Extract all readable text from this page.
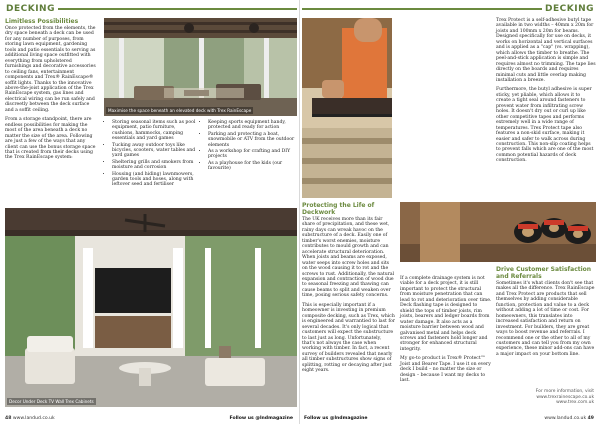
DECKING

Limitless Possibilities

Once protected from the elements, the dry space beneath a deck can be used for any number of purposes, from storing lawn equipment, gardening tools and patio essentials to serving as additional living space outfitted with everything from upholstered furnishings and decorative accessories to ceiling fans, entertainment components and Trex® RainEscape® soffit lights. Thanks to the innovative above-the-joist application of the Trex RainEscape system, gas lines and electrical wiring can be run safely and discreetly between the deck surface and a soffit ceiling.

From a storage standpoint, there are endless possibilities for making the most of the area beneath a deck no matter the size of the area. Following are just a few of the ways that any client can use the bonus storage space that is created from their decks using the Trex RainEscape system:

Maximise the space beneath an elevated deck with Trex RainEscape
• Storing seasonal items such as pool equipment, patio furniture, cushions, hammocks, camping essentials and yard games
• Tucking away outdoor toys like bicycles, scooters, water tables and yard games
• Sheltering grills and smokers from moisture and corrosion
• Housing (and hiding) lawnmowers, garden tools and hoses, along with leftover seed and fertiliser
• Keeping sports equipment handy, protected and ready for action
• Parking and protecting a boat, snowmobile or ATV from the outdoor elements
• As a workshop for crafting and DIY projects
• As a playhouse for the kids (our favourite)
Decor Under Deck TV Wall Trex Cabinets
48 www.landud.co.uk	Follow us @lndmagazine
DECKING

Trex Protect is a self-adhesive butyl tape available in two widths – 40mm x 20m for joists and 100mm x 20m for beams. Designed specifically for use on decks, it works on horizontal and vertical surfaces and is applied as a "cap" (vs. wrapping), which allows the timber to breathe. The peel-and-stick application is simple and requires almost no trimming. The tape lies directly on the boards and requires minimal cuts and little overlap making installation a breeze.

Furthermore, the butyl adhesive is super sticky, yet pliable, which allows it to create a tight seal around fasteners to prevent water from infiltrating screw holes. It doesn't dry out or curl up like other competitive tapes and performs extremely well in a wide range of temperatures. Trex Protect tape also features a non-skid surface, making it easier and safer to walk across during construction. This non-slip coating helps to prevent falls which are one of the most common potential hazards of deck construction.

Protecting the Life of Deckwork

The UK receives more than its fair share of precipitation, and these wet, rainy days can wreak havoc on the substructure of a deck. Easily one of timber's worst enemies, moisture contributes to mould growth and can accelerate structural deterioration. When joists and beams are exposed, water seeps into screw holes and sits on the wood causing it to rot and the screws to rust. Additionally, the natural expansion and contraction of wood due to seasonal freezing and thawing can cause beams to split and weaken over time, posing serious safety concerns.

This is especially important if a homeowner is investing in premium composite decking, such as Trex, which is engineered and warrantied to last for several decades. It's only logical that customers will expect the substructure to last just as long. Unfortunately, that's not always the case when working with timber. In fact, a recent survey of builders revealed that nearly all timber substructures show signs of splitting, rotting or decaying after just eight years.

If a complete drainage system is not viable for a deck project, it is still important to protect the structural from moisture penetration that can lead to rot and deterioration over time. Deck flashing tape is designed to shield the tops of timber joists, rim joists, bearers and ledger boards from water damage. It also acts as a moisture barrier between wood and galvanised metal and helps deck screws and fasteners hold longer and stronger for enhanced structural integrity.

My go-to product is Trex® Protect™ Joist and Bearer Tape. I use it on every deck I build – no matter the size or design – because I want my decks to last.

Drive Customer Satisfaction and Referrals

Sometimes it's what clients don't see that makes all the difference. Trex RainEscape and Trex Protect are products that sell themselves by adding considerable function, protection and value to a deck without adding a lot of time or cost. For homeowners, this translates into increased satisfaction and return on investment. For builders, they are great ways to boost revenue and referrals. I recommend one or the other to all of my customers and can tell you from my own experience, these minor add-ons can have a major impact on your bottom line.

For more information, visit
www.trexrainescape.co.uk
www.trex.com.uk
Follow us @lndmagazine	www.landud.co.uk 49
